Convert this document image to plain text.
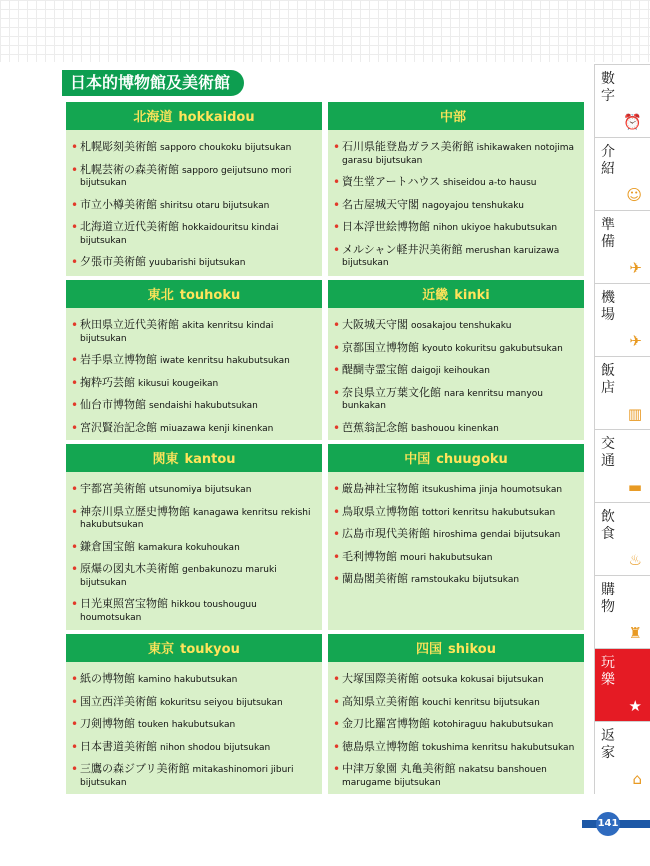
日本的博物館及美術館
北海道 hokkaidou
• 札幌彫刻美術館 sapporo choukoku bijutsukan
• 札幌芸術の森美術館 sapporo geijutsuno mori bijutsukan
• 市立小樽美術館 shiritsu otaru bijutsukan
• 北海道立近代美術館 hokkaidouritsu kindai bijutsukan
• 夕張市美術館 yuubarishi bijutsukan
中部
• 石川県能登島ガラス美術館 ishikawaken notojima garasu bijutsukan
• 資生堂アートハウス shiseidou a-to hausu
• 名古屋城天守閣 nagoyajou tenshukaku
• 日本浮世絵博物館 nihon ukiyoe hakubutsukan
• メルシャン軽井沢美術館 merushan karuizawa bijutsukan
東北 touhoku
• 秋田県立近代美術館 akita kenritsu kindai bijutsukan
• 岩手県立博物館 iwate kenritsu hakubutsukan
• 掬粋巧芸館 kikusui kougeikan
• 仙台市博物館 sendaishi hakubutsukan
• 宮沢賢治記念館 miuazawa kenji kinenkan
近畿 kinki
• 大阪城天守閣 oosakajou tenshukaku
• 京都国立博物館 kyouto kokuritsu gakubutsukan
• 醍醐寺霊宝館 daigoji keihoukan
• 奈良県立万葉文化館 nara kenritsu manyou bunkakan
• 芭蕉翁記念館 bashouou kinenkan
関東 kantou
• 宇都宮美術館 utsunomiya bijutsukan
• 神奈川県立歴史博物館 kanagawa kenritsu rekishi hakubutsukan
• 鎌倉国宝館 kamakura kokuhoukan
• 原爆の図丸木美術館 genbakunozu maruki bijutsukan
• 日光東照宮宝物館 hikkou toushouguu houmotsukan
中国 chuugoku
• 厳島神社宝物館 itsukushima jinja houmotsukan
• 鳥取県立博物館 tottori kenritsu hakubutsukan
• 広島市現代美術館 hiroshima gendai bijutsukan
• 毛利博物館 mouri hakubutsukan
• 蘭島閣美術館 ramstoukaku bijutsukan
東京 toukyou
• 紙の博物館 kamino hakubutsukan
• 国立西洋美術館 kokuritsu seiyou bijutsukan
• 刀剣博物館 touken hakubutsukan
• 日本書道美術館 nihon shodou bijutsukan
• 三鷹の森ジブリ美術館 mitakashinomori jiburi bijutsukan
四国 shikou
• 大塚国際美術館 ootsuka kokusai bijutsukan
• 高知県立美術館 kouchi kenritsu bijutsukan
• 金刀比羅宮博物館 kotohiraguu hakubutsukan
• 徳島県立博物館 tokushima kenritsu hakubutsukan
• 中津万象園 丸亀美術館 nakatsu banshouen marugame bijutsukan
數字
⏰
介紹
☺
準備
✈
機場
✈
飯店
▥
交通
▬
飲食
♨
購物
♜
玩樂
★
返家
⌂
141
